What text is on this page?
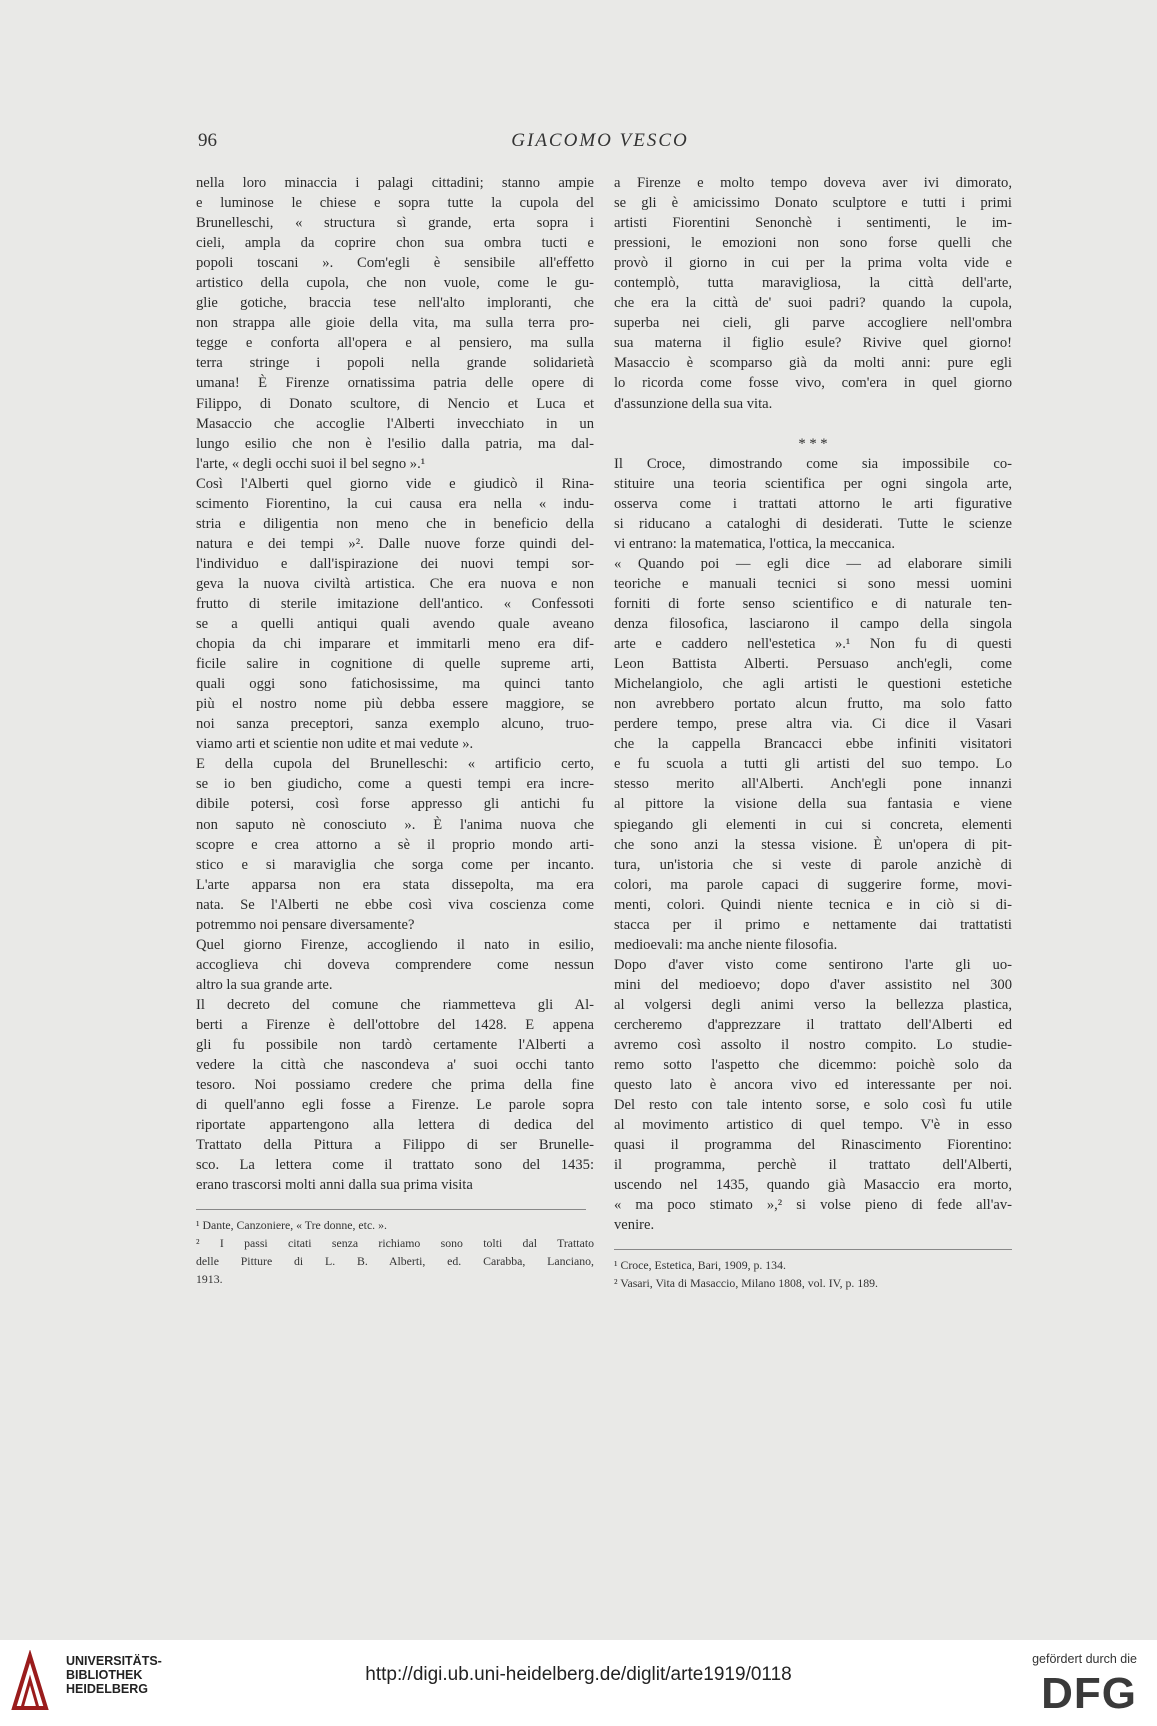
96	GIACOMO VESCO
nella loro minaccia i palagi cittadini; stanno ampie
e luminose le chiese e sopra tutte la cupola del
Brunelleschi, « structura sì grande, erta sopra i
cieli, ampla da coprire chon sua ombra tucti e
popoli toscani ». Com'egli è sensibile all'effetto
artistico della cupola, che non vuole, come le gu-
glie gotiche, braccia tese nell'alto imploranti, che
non strappa alle gioie della vita, ma sulla terra pro-
tegge e conforta all'opera e al pensiero, ma sulla
terra stringe i popoli nella grande solidarietà
umana! È Firenze ornatissima patria delle opere di
Filippo, di Donato scultore, di Nencio et Luca et
Masaccio che accoglie l'Alberti invecchiato in un
lungo esilio che non è l'esilio dalla patria, ma dal-
l'arte, « degli occhi suoi il bel segno ».¹
Così l'Alberti quel giorno vide e giudicò il Rina-
scimento Fiorentino, la cui causa era nella « indu-
stria e diligentia non meno che in beneficio della
natura e dei tempi »². Dalle nuove forze quindi del-
l'individuo e dall'ispirazione dei nuovi tempi sor-
geva la nuova civiltà artistica. Che era nuova e non
frutto di sterile imitazione dell'antico. « Confessoti
se a quelli antiqui quali avendo quale aveano
chopia da chi imparare et immitarli meno era dif-
ficile salire in cognitione di quelle supreme arti,
quali oggi sono fatichosissime, ma quinci tanto
più el nostro nome più debba essere maggiore, se
noi sanza preceptori, sanza exemplo alcuno, truo-
viamo arti et scientie non udite et mai vedute ».
E della cupola del Brunelleschi: « artificio certo,
se io ben giudicho, come a questi tempi era incre-
dibile potersi, così forse appresso gli antichi fu
non saputo nè conosciuto ». È l'anima nuova che
scopre e crea attorno a sè il proprio mondo arti-
stico e si maraviglia che sorga come per incanto.
L'arte apparsa non era stata dissepolta, ma era
nata. Se l'Alberti ne ebbe così viva coscienza come
potremmo noi pensare diversamente?
Quel giorno Firenze, accogliendo il nato in esilio,
accoglieva chi doveva comprendere come nessun
altro la sua grande arte.
Il decreto del comune che riammetteva gli Al-
berti a Firenze è dell'ottobre del 1428. E appena
gli fu possibile non tardò certamente l'Alberti a
vedere la città che nascondeva a' suoi occhi tanto
tesoro. Noi possiamo credere che prima della fine
di quell'anno egli fosse a Firenze. Le parole sopra
riportate appartengono alla lettera di dedica del
Trattato della Pittura a Filippo di ser Brunelle-
sco. La lettera come il trattato sono del 1435:
erano trascorsi molti anni dalla sua prima visita
¹ Dante, Canzoniere, « Tre donne, etc. ».
² I passi citati senza richiamo sono tolti dal Trattato
delle Pitture di L. B. Alberti, ed. Carabba, Lanciano,
1913.
a Firenze e molto tempo doveva aver ivi dimorato,
se gli è amicissimo Donato sculptore e tutti i primi
artisti Fiorentini Senonchè i sentimenti, le im-
pressioni, le emozioni non sono forse quelli che
provò il giorno in cui per la prima volta vide e
contemplò, tutta maravigliosa, la città dell'arte,
che era la città de' suoi padri? quando la cupola,
superba nei cieli, gli parve accogliere nell'ombra
sua materna il figlio esule? Rivive quel giorno!
Masaccio è scomparso già da molti anni: pure egli
lo ricorda come fosse vivo, com'era in quel giorno
d'assunzione della sua vita.
* * *
Il Croce, dimostrando come sia impossibile co-
stituire una teoria scientifica per ogni singola arte,
osserva come i trattati attorno le arti figurative
si riducano a cataloghi di desiderati. Tutte le scienze
vi entrano: la matematica, l'ottica, la meccanica.
« Quando poi — egli dice — ad elaborare simili
teoriche e manuali tecnici si sono messi uomini
forniti di forte senso scientifico e di naturale ten-
denza filosofica, lasciarono il campo della singola
arte e caddero nell'estetica ».¹ Non fu di questi
Leon Battista Alberti. Persuaso anch'egli, come
Michelangiolo, che agli artisti le questioni estetiche
non avrebbero portato alcun frutto, ma solo fatto
perdere tempo, prese altra via. Ci dice il Vasari
che la cappella Brancacci ebbe infiniti visitatori
e fu scuola a tutti gli artisti del suo tempo. Lo
stesso merito all'Alberti. Anch'egli pone innanzi
al pittore la visione della sua fantasia e viene
spiegando gli elementi in cui si concreta, elementi
che sono anzi la stessa visione. È un'opera di pit-
tura, un'istoria che si veste di parole anzichè di
colori, ma parole capaci di suggerire forme, movi-
menti, colori. Quindi niente tecnica e in ciò si di-
stacca per il primo e nettamente dai trattatisti
medioevali: ma anche niente filosofia.
Dopo d'aver visto come sentirono l'arte gli uo-
mini del medioevo; dopo d'aver assistito nel 300
al volgersi degli animi verso la bellezza plastica,
cercheremo d'apprezzare il trattato dell'Alberti ed
avremo così assolto il nostro compito. Lo studie-
remo sotto l'aspetto che dicemmo: poichè solo da
questo lato è ancora vivo ed interessante per noi.
Del resto con tale intento sorse, e solo così fu utile
al movimento artistico di quel tempo. V'è in esso
quasi il programma del Rinascimento Fiorentino:
il programma, perchè il trattato dell'Alberti,
uscendo nel 1435, quando già Masaccio era morto,
« ma poco stimato »,² si volse pieno di fede all'av-
venire.
¹ Croce, Estetica, Bari, 1909, p. 134.
² Vasari, Vita di Masaccio, Milano 1808, vol. IV, p. 189.
UNIVERSITÄTS-
BIBLIOTHEK
HEIDELBERG
http://digi.ub.uni-heidelberg.de/diglit/arte1919/0118
gefördert durch die
DFG
